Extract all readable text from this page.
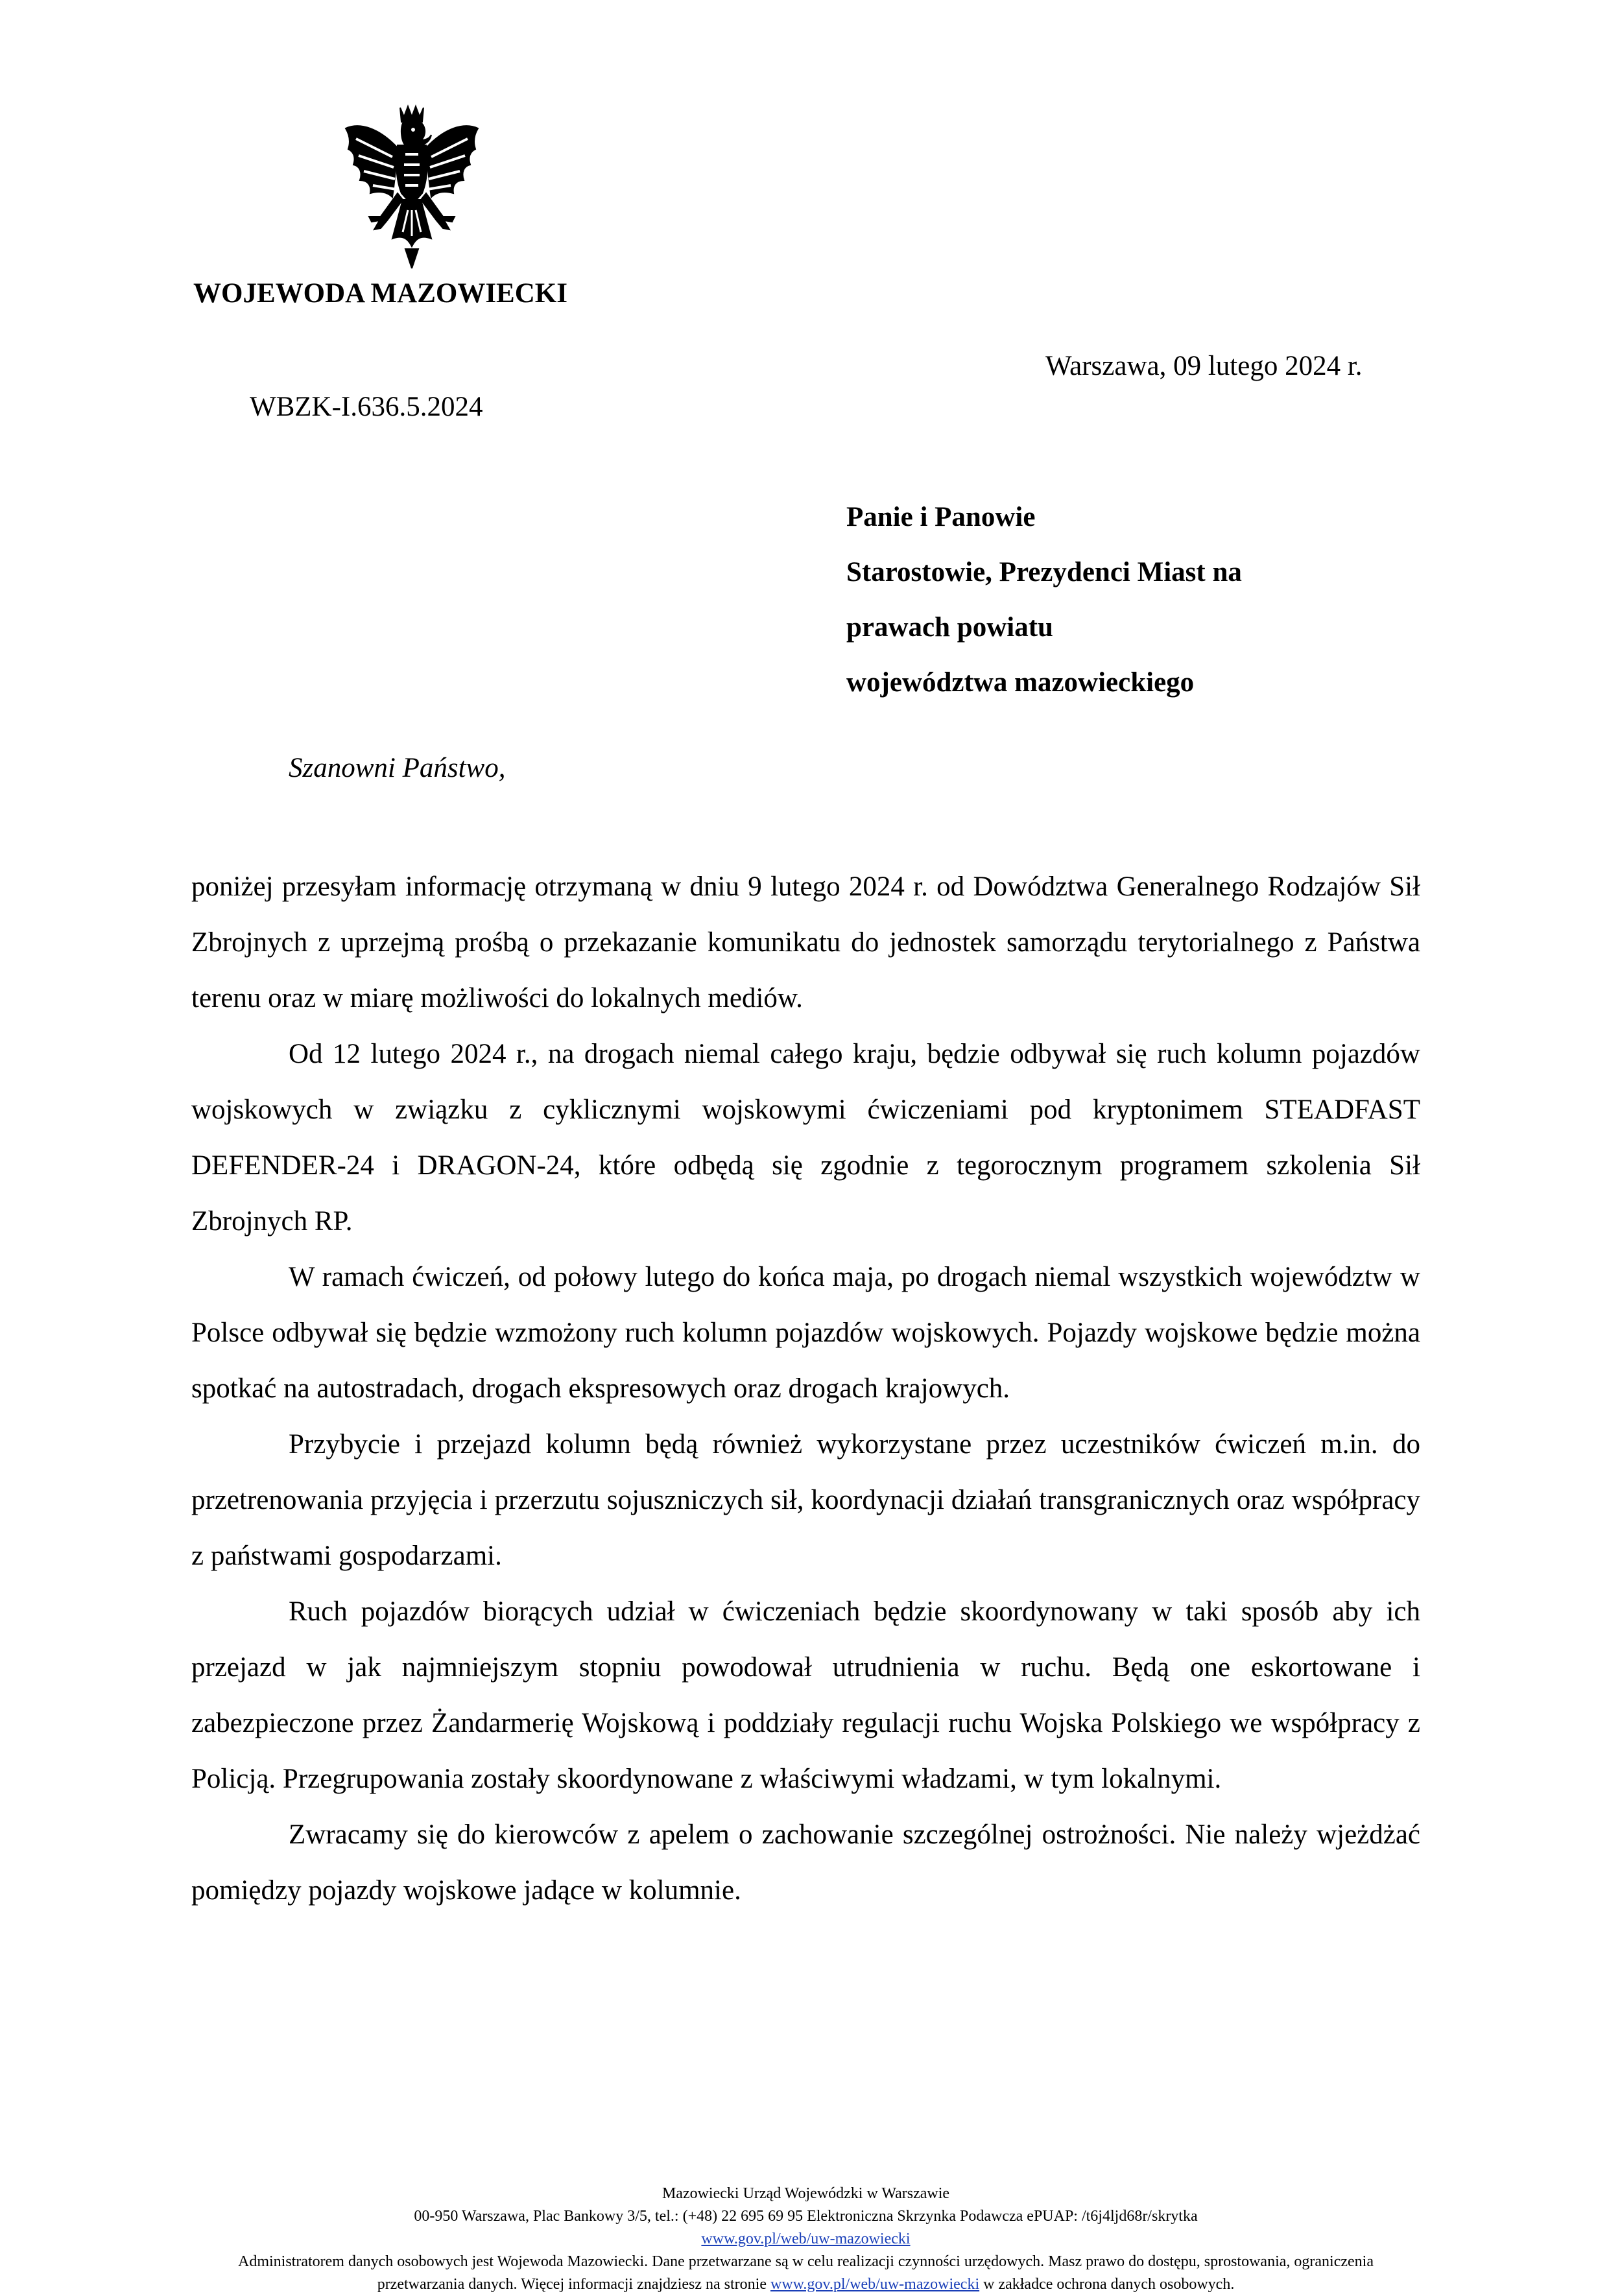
WOJEWODA MAZOWIECKI
Warszawa, 09 lutego 2024 r.
WBZK-I.636.5.2024
Panie i Panowie
Starostowie, Prezydenci Miast na
prawach powiatu
województwa mazowieckiego
Szanowni Państwo,

poniżej przesyłam informację otrzymaną w dniu 9 lutego 2024 r. od Dowództwa Generalnego Rodzajów Sił Zbrojnych z uprzejmą prośbą o przekazanie komunikatu do jednostek samorządu terytorialnego z Państwa terenu oraz w miarę możliwości do lokalnych mediów.

Od 12 lutego 2024 r., na drogach niemal całego kraju, będzie odbywał się ruch kolumn pojazdów wojskowych w związku z cyklicznymi wojskowymi ćwiczeniami pod kryptonimem STEADFAST DEFENDER-24 i DRAGON-24, które odbędą się zgodnie z tegorocznym programem szkolenia Sił Zbrojnych RP.

W ramach ćwiczeń, od połowy lutego do końca maja, po drogach niemal wszystkich województw w Polsce odbywał się będzie wzmożony ruch kolumn pojazdów wojskowych. Pojazdy wojskowe będzie można spotkać na autostradach, drogach ekspresowych oraz drogach krajowych.

Przybycie i przejazd kolumn będą również wykorzystane przez uczestników ćwiczeń m.in. do przetrenowania przyjęcia i przerzutu sojuszniczych sił, koordynacji działań transgranicznych oraz współpracy z państwami gospodarzami.

Ruch pojazdów biorących udział w ćwiczeniach będzie skoordynowany w taki sposób aby ich przejazd w jak najmniejszym stopniu powodował utrudnienia w ruchu. Będą one eskortowane i zabezpieczone przez Żandarmerię Wojskową i poddziały regulacji ruchu Wojska Polskiego we współpracy z Policją. Przegrupowania zostały skoordynowane z właściwymi władzami, w tym lokalnymi.

Zwracamy się do kierowców z apelem o zachowanie szczególnej ostrożności. Nie należy wjeżdżać pomiędzy pojazdy wojskowe jadące w kolumnie.

Mazowiecki Urząd Wojewódzki w Warszawie
00-950 Warszawa, Plac Bankowy 3/5, tel.: (+48) 22 695 69 95 Elektroniczna Skrzynka Podawcza ePUAP: /t6j4ljd68r/skrytka
www.gov.pl/web/uw-mazowiecki
Administratorem danych osobowych jest Wojewoda Mazowiecki. Dane przetwarzane są w celu realizacji czynności urzędowych. Masz prawo do dostępu, sprostowania, ograniczenia przetwarzania danych. Więcej informacji znajdziesz na stronie www.gov.pl/web/uw-mazowiecki w zakładce ochrona danych osobowych.
